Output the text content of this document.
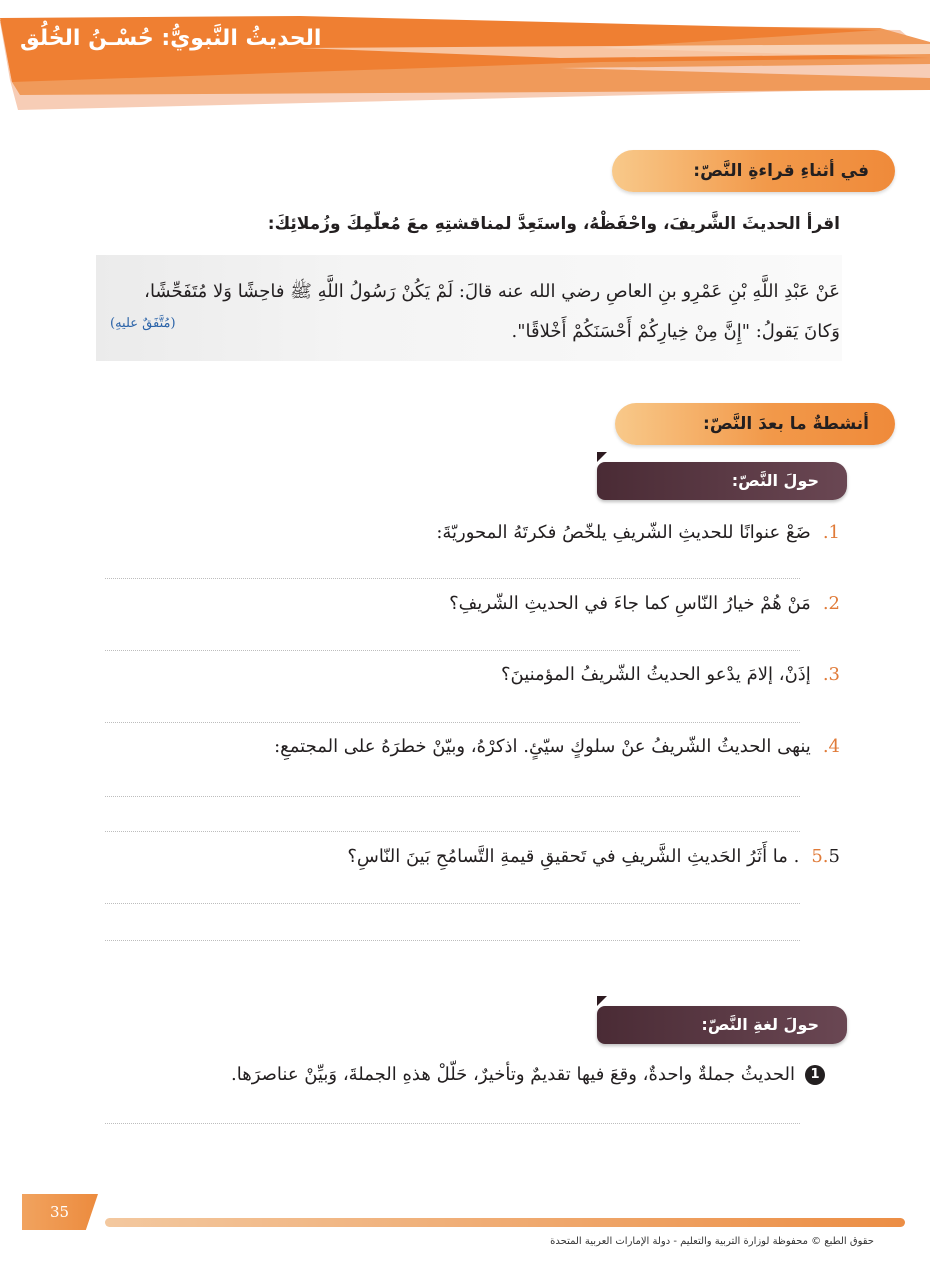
الحديثُ النَّبويُّ: حُسْـنُ الخُلُق
في أثناءِ قراءةِ النَّصّ:
اقرأ الحديثَ الشَّريفَ، واحْفَظْهُ، واستَعِدَّ لمناقشتِهِ معَ مُعلّمِكَ وزُملائِكَ:
عَنْ عَبْدِ اللَّهِ بْنِ عَمْرِو بنِ العاصِ رضي الله عنه قالَ: لَمْ يَكُنْ رَسُولُ اللَّهِ ﷺ فاحِشًا وَلا مُتَفَحِّشًا، وَكانَ يَقولُ: "إِنَّ مِنْ خِيارِكُمْ أَحْسَنَكُمْ أَخْلاقًا".
(مُتَّفَقٌ عليهِ)
أنشطةٌ ما بعدَ النَّصّ:
حولَ النَّصّ:
1.ضَعْ عنوانًا للحديثِ الشّريفِ يلخّصُ فكرتَهُ المحوريّةَ:
2.مَنْ هُمْ خيارُ النّاسِ كما جاءَ في الحديثِ الشّريفِ؟
3.إذَنْ، إلامَ يدْعو الحديثُ الشّريفُ المؤمنينَ؟
4.ينهى الحديثُ الشّريفُ عنْ سلوكٍ سيّئٍ. اذكرْهُ، وبيّنْ خطرَهُ على المجتمعِ:
5.5. ما أَثَرُ الحَديثِ الشَّريفِ في تَحقيقِ قيمةِ التَّسامُحِ بَينَ النّاسِ؟
حولَ لغةِ النَّصّ:
1الحديثُ جملةٌ واحدةٌ، وقعَ فيها تقديمٌ وتأخيرٌ، حَلّلْ هذهِ الجملةَ، وَبيِّنْ عناصرَها.
35
حقوق الطبع © محفوظة لوزارة التربية والتعليم - دولة الإمارات العربية المتحدة
